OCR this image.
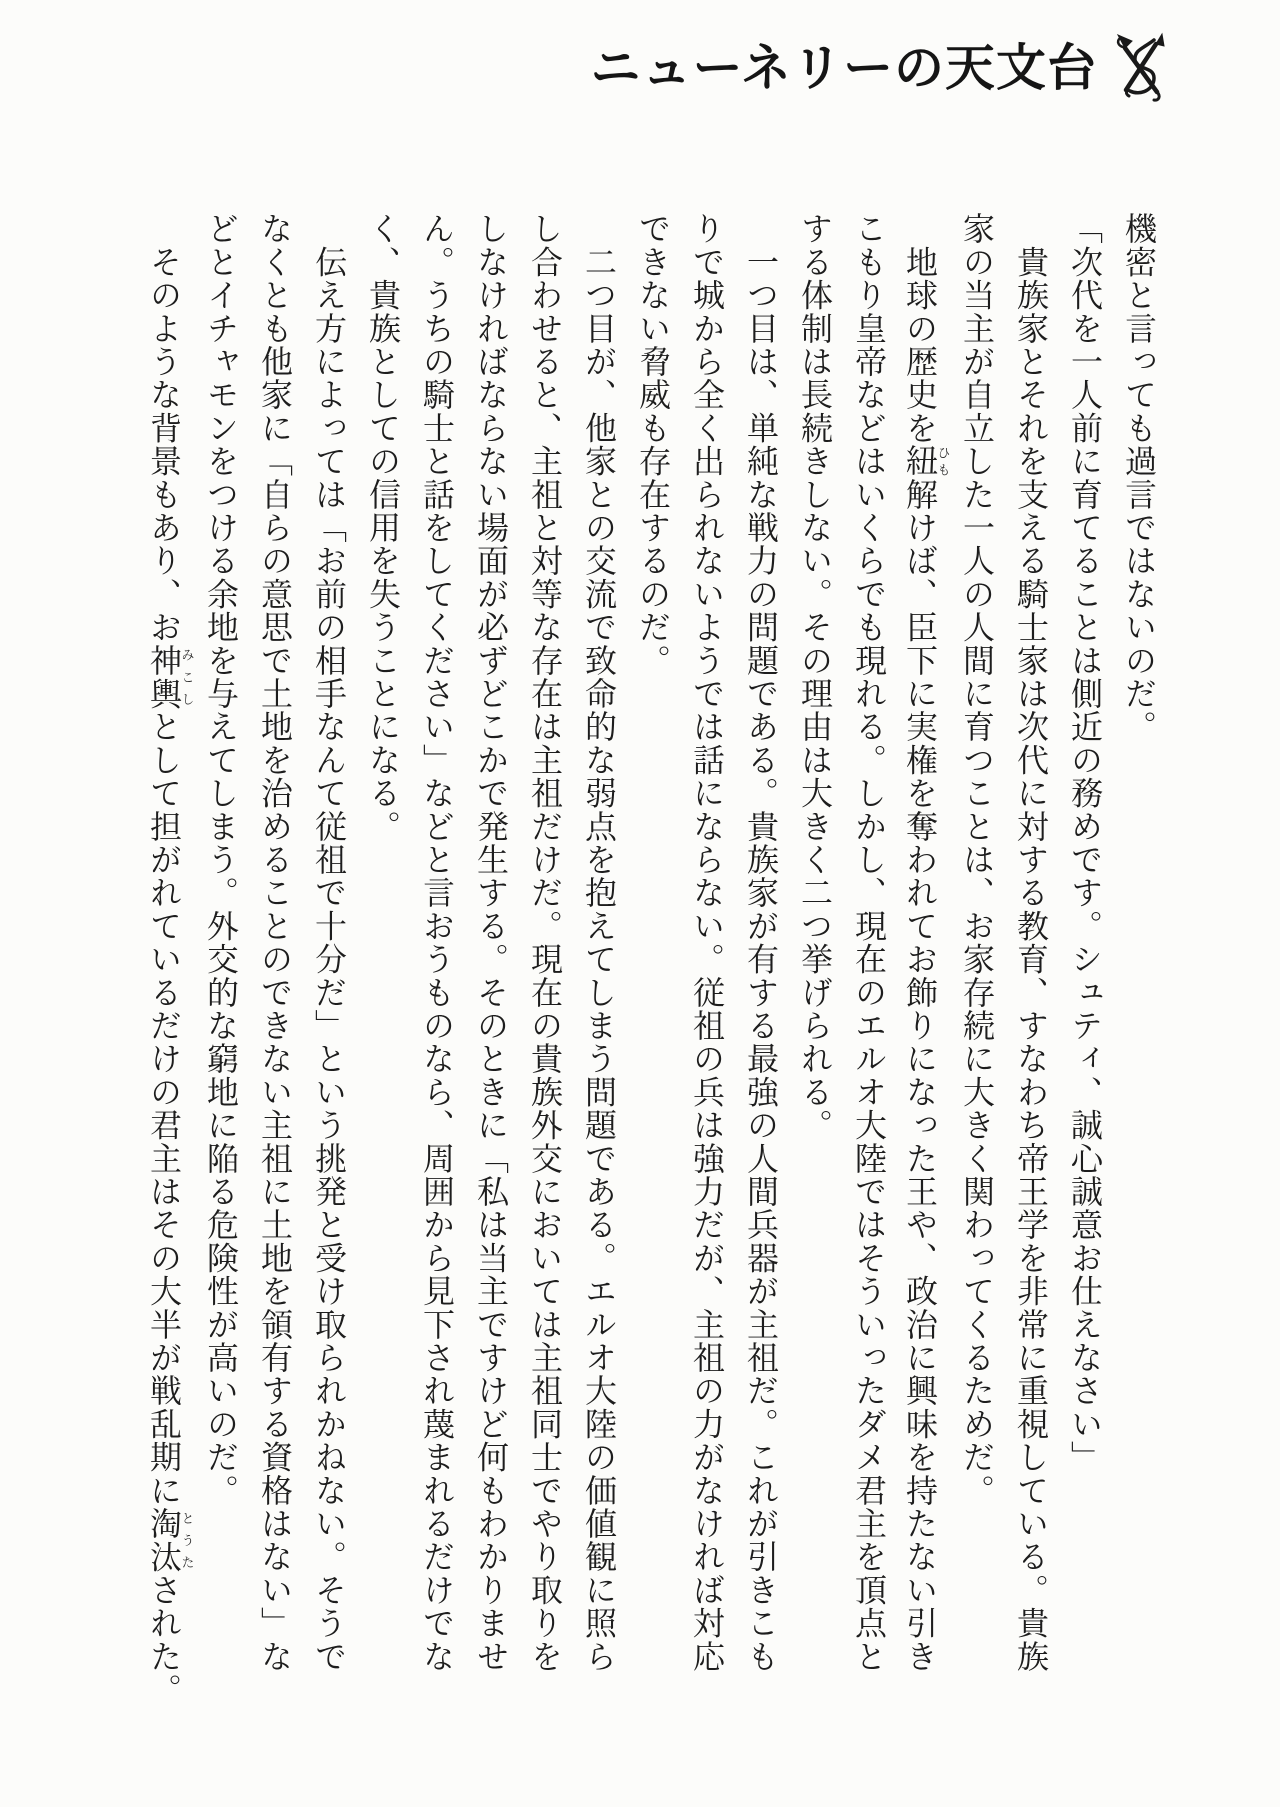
ニューネリーの天文台
機密と言っても過言ではないのだ。
「次代を一人前に育てることは側近の務めです。シュティ、誠心誠意お仕えなさい」
　貴族家とそれを支える騎士家は次代に対する教育、すなわち帝王学を非常に重視している。貴族
家の当主が自立した一人の人間に育つことは、お家存続に大きく関わってくるためだ。
　地球の歴史を紐ひも解けば、臣下に実権を奪われてお飾りになった王や、政治に興味を持たない引き
こもり皇帝などはいくらでも現れる。しかし、現在のエルオ大陸ではそういったダメ君主を頂点と
する体制は長続きしない。その理由は大きく二つ挙げられる。
　一つ目は、単純な戦力の問題である。貴族家が有する最強の人間兵器が主祖だ。これが引きこも
りで城から全く出られないようでは話にならない。従祖の兵は強力だが、主祖の力がなければ対応
できない脅威も存在するのだ。
　二つ目が、他家との交流で致命的な弱点を抱えてしまう問題である。エルオ大陸の価値観に照ら
し合わせると、主祖と対等な存在は主祖だけだ。現在の貴族外交においては主祖同士でやり取りを
しなければならない場面が必ずどこかで発生する。そのときに「私は当主ですけど何もわかりませ
ん。うちの騎士と話をしてください」などと言おうものなら、周囲から見下され蔑まれるだけでな
く、貴族としての信用を失うことになる。
　伝え方によっては「お前の相手なんて従祖で十分だ」という挑発と受け取られかねない。そうで
なくとも他家に「自らの意思で土地を治めることのできない主祖に土地を領有する資格はない」な
どとイチャモンをつける余地を与えてしまう。外交的な窮地に陥る危険性が高いのだ。
　そのような背景もあり、お神輿みこしとして担がれているだけの君主はその大半が戦乱期に淘汰とうたされた。
